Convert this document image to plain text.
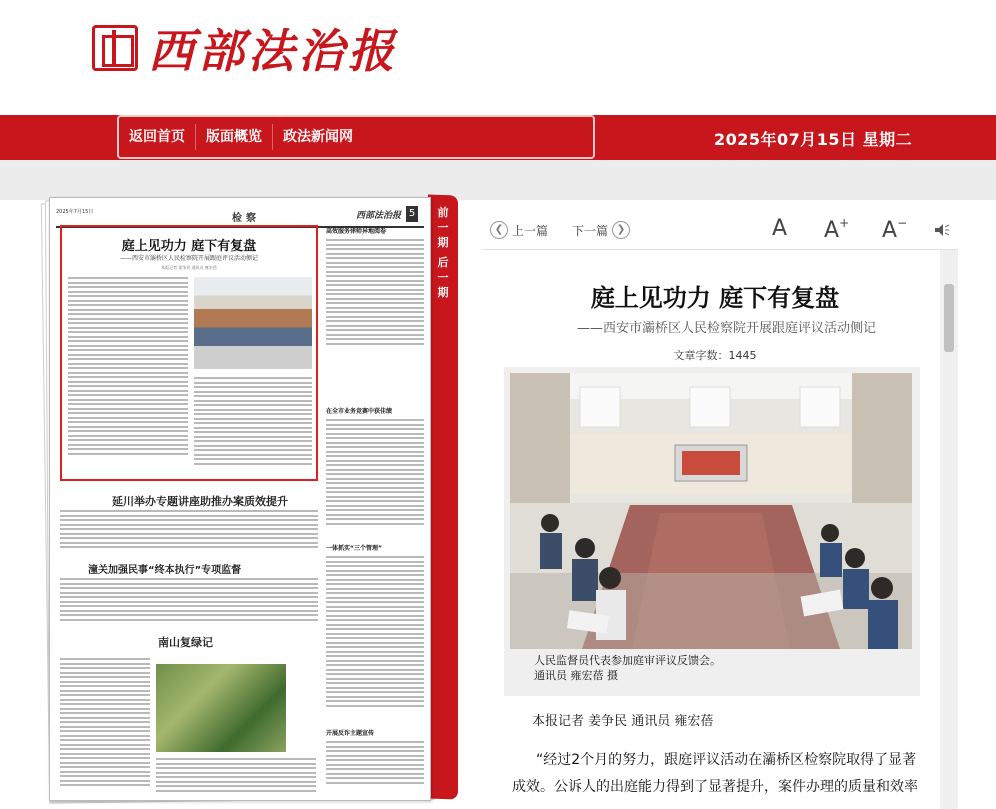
西部法治报
返回首页	版面概览	政法新闻网	2025年07月15日 星期二
前一期
后一期
2025年7月15日
检察	西部法治报 5
庭上见功力 庭下有复盘
——西安市灞桥区人民检察院开展跟庭评议活动侧记
本报记者 姜争民 通讯员 雍宏蓓
高效服务律师异地阅卷
在全市业务竞赛中获佳绩
一体抓实“三个管理”
开展反诈主题宣传
延川举办专题讲座助推办案质效提升
潼关加强民事“终本执行”专项监督
南山复绿记
❮ 上一篇 下一篇 ❯	A A+ A−
庭上见功力 庭下有复盘
——西安市灞桥区人民检察院开展跟庭评议活动侧记
文章字数：1445
人民监督员代表参加庭审评议反馈会。
通讯员 雍宏蓓 摄
本报记者 姜争民 通讯员 雍宏蓓
“经过2个月的努力，跟庭评议活动在灞桥区检察院取得了显著成效。公诉人的出庭能力得到了显著提升，案件办理的质量和效率
